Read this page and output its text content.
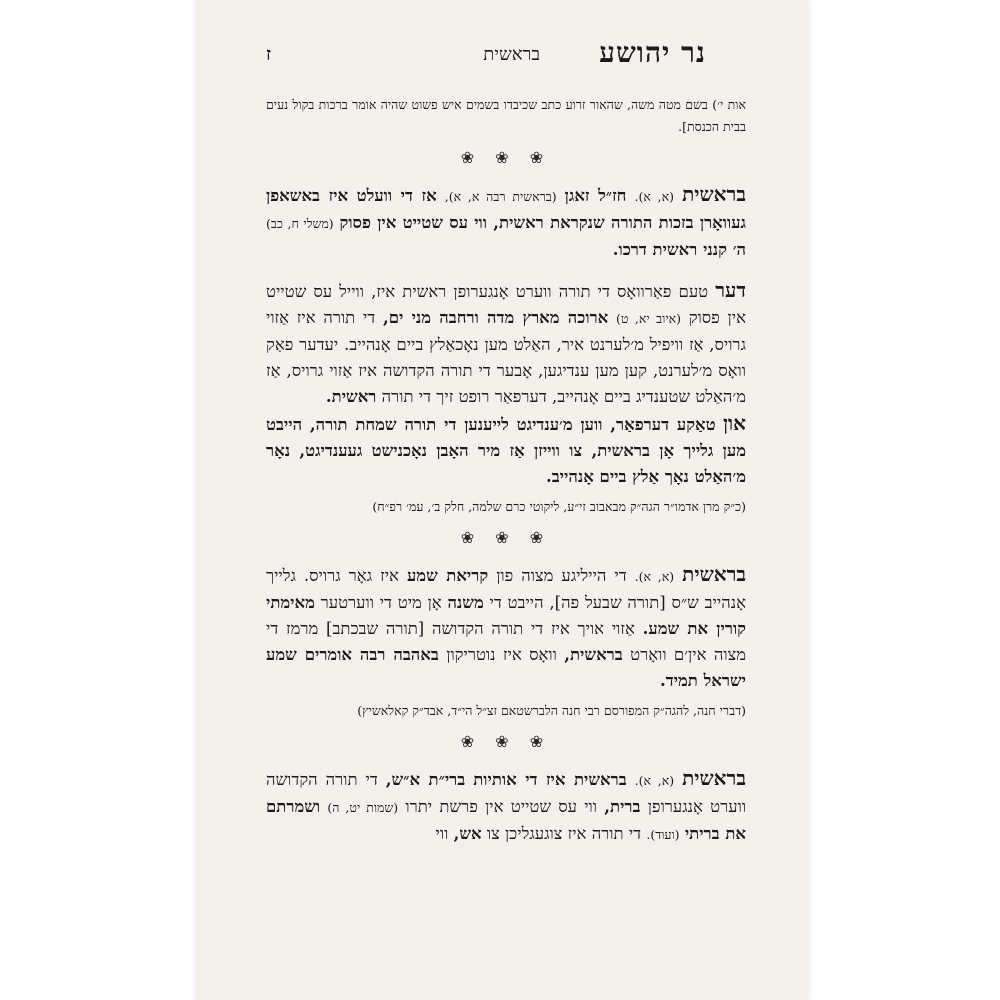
נר יהושע
בראשית
ז

אות י׳) בשם מטה משה, שהאור זרוע כתב שכיבדו בשמים איש פשוט שהיה אומר ברכות בקול נעים בבית הכנסת].

❀ ❀ ❀

בראשית (א, א). חז״ל זאגן (בראשית רבה א, א), אז די וועלט איז באשאפן געוואָרן בזכות התורה שנקראת ראשית, ווי עס שטייט אין פסוק (משלי ח, כב) ה׳ קנני ראשית דרכו.

דער טעם פאַרוואָס די תורה ווערט אָנגערופן ראשית איז, ווייל עס שטייט אין פסוק (איוב יא, ט) ארוכה מארץ מדה ורחבה מני ים, די תורה איז אַזוי גרויס, אַז וויפיל מ׳לערנט איר, האַלט מען נאָכאַלץ ביים אָנהייב. יעדער פאַק וואָס מ׳לערנט, קען מען ענדיגען, אָבער די תורה הקדושה איז אַזוי גרויס, אַז מ׳האַלט שטענדיג ביים אָנהייב, דערפאַר רופט זיך די תורה ראשית.

און טאַקע דערפאַר, ווען מ׳ענדיגט לייענען די תורה שמחת תורה, הייבט מען גלייך אָן בראשית, צו ווייזן אַז מיר האָבן נאָכנישט געענדיגט, נאָר מ׳האַלט נאָך אַלץ ביים אָנהייב.

(כ״ק מרן אדמו״ר הגה״ק מבאבוב זי״ע, ליקוטי כרם שלמה, חלק ב׳, עמ׳ רפ״ח)

❀ ❀ ❀

בראשית (א, א). די הייליגע מצוה פון קריאת שמע איז גאָר גרויס. גלייך אָנהייב ש״ס [תורה שבעל פה], הייבט די משנה אָן מיט די ווערטער מאימתי קורין את שמע. אַזוי אויך איז די תורה הקדושה [תורה שבכתב] מרמז די מצוה אין׳ם וואָרט בראשית, וואָס איז נוטריקון באהבה רבה אומרים שמע ישראל תמיד.

(דברי חנה, להגה״ק המפורסם רבי חנה הלברשטאם זצ״ל הי״ד, אבד״ק קאלאשיץ)

❀ ❀ ❀

בראשית (א, א). בראשית איז די אותיות ברי״ת א״ש, די תורה הקדושה ווערט אָנגערופן ברית, ווי עס שטייט אין פרשת יתרו (שמות יט, ה) ושמרתם את בריתי (ועוד). די תורה איז צוגעגליכן צו אש, ווי
